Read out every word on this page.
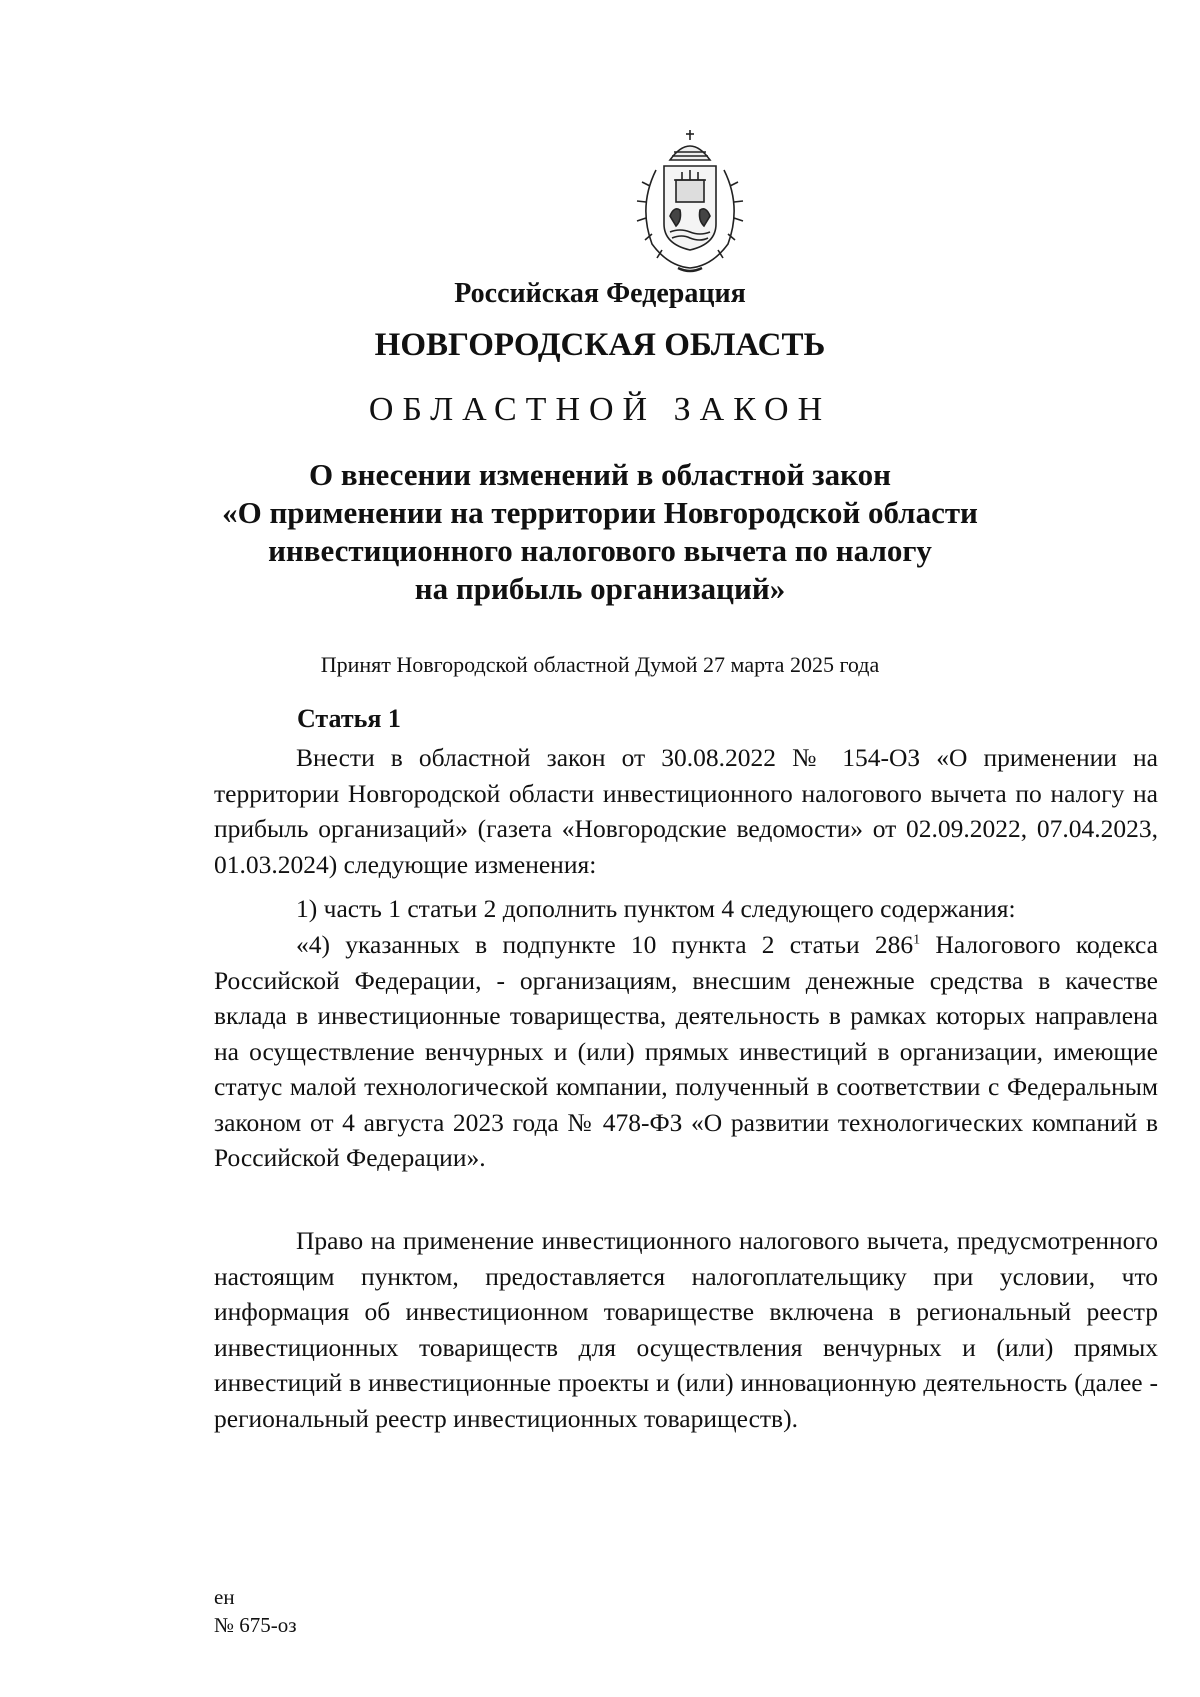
Российская Федерация
НОВГОРОДСКАЯ ОБЛАСТЬ
ОБЛАСТНОЙ ЗАКОН
О внесении изменений в областной закон
«О применении на территории Новгородской области
инвестиционного налогового вычета по налогу
на прибыль организаций»
Принят Новгородской областной Думой 27 марта 2025 года
Статья 1

Внести в областной закон от 30.08.2022 № 154-ОЗ «О применении на территории Новгородской области инвестиционного налогового вычета по налогу на прибыль организаций» (газета «Новгородские ведомости» от 02.09.2022, 07.04.2023, 01.03.2024) следующие изменения:

1) часть 1 статьи 2 дополнить пунктом 4 следующего содержания:

«4) указанных в подпункте 10 пункта 2 статьи $286^1$ Налогового кодекса Российской Федерации, - организациям, внесшим денежные средства в качестве вклада в инвестиционные товарищества, деятельность в рамках которых направлена на осуществление венчурных и (или) прямых инвестиций в организации, имеющие статус малой технологической компании, полученный в соответствии с Федеральным законом от 4 августа 2023 года № 478-ФЗ «О развитии технологических компаний в Российской Федерации».

Право на применение инвестиционного налогового вычета, предусмотренного настоящим пунктом, предоставляется налогоплательщику при условии, что информация об инвестиционном товариществе включена в региональный реестр инвестиционных товариществ для осуществления венчурных и (или) прямых инвестиций в инвестиционные проекты и (или) инновационную деятельность (далее - региональный реестр инвестиционных товариществ).

ен
№ 675-оз
